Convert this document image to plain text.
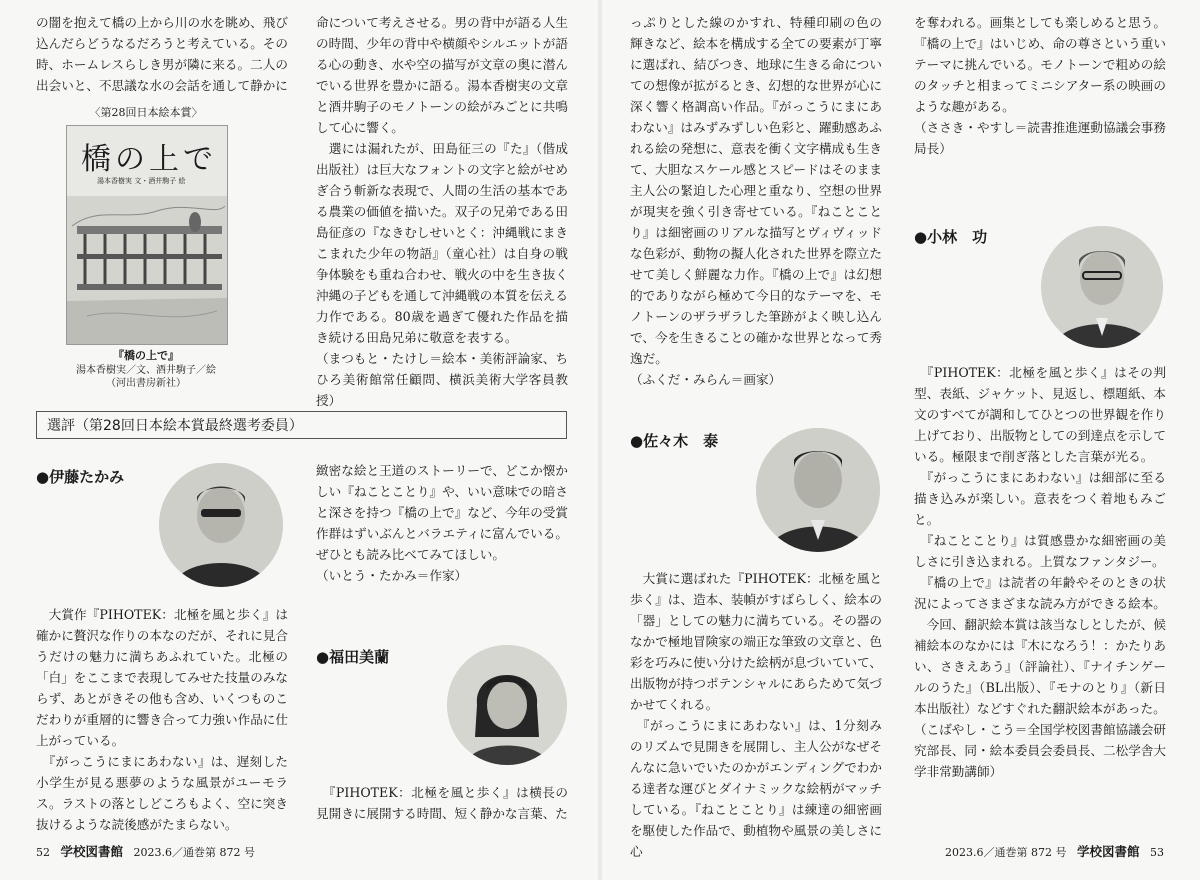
の闇を抱えて橋の上から川の水を眺め、飛び込んだらどうなるだろうと考えている。その時、ホームレスらしき男が隣に来る。二人の出会いと、不思議な水の会話を通して静かに
〈第28回日本絵本賞〉
橋の上で
湯本香樹実 文・酒井駒子 絵
『橋の上で』
湯本香樹実／文、酒井駒子／絵
（河出書房新社）
命について考えさせる。男の背中が語る人生の時間、少年の背中や横顔やシルエットが語る心の動き、水や空の描写が文章の奥に潜んでいる世界を豊かに語る。湯本香樹実の文章と酒井駒子のモノトーンの絵がみごとに共鳴して心に響く。
　選には漏れたが、田島征三の『た』（偕成出版社）は巨大なフォントの文字と絵がせめぎ合う斬新な表現で、人間の生活の基本である農業の価値を描いた。双子の兄弟である田島征彦の『なきむしせいとく：沖縄戦にまきこまれた少年の物語』（童心社）は自身の戦争体験をも重ね合わせ、戦火の中を生き抜く沖縄の子どもを通して沖縄戦の本質を伝える力作である。80歳を過ぎて優れた作品を描き続ける田島兄弟に敬意を表する。
（まつもと・たけし＝絵本・美術評論家、ちひろ美術館常任顧問、横浜美術大学客員教授）
選評（第28回日本絵本賞最終選考委員）
●伊藤たかみ
　大賞作『PIHOTEK：北極を風と歩く』は確かに贅沢な作りの本なのだが、それに見合うだけの魅力に満ちあふれていた。北極の「白」をここまで表現してみせた技量のみならず、あとがきその他も含め、いくつものこだわりが重層的に響き合って力強い作品に仕上がっている。
　『がっこうにまにあわない』は、遅刻した小学生が見る悪夢のような風景がユーモラス。ラストの落としどころもよく、空に突き抜けるような読後感がたまらない。
緻密な絵と王道のストーリーで、どこか懐かしい『ねことことり』や、いい意味での暗さと深さを持つ『橋の上で』など、今年の受賞作群はずいぶんとバラエティに富んでいる。ぜひとも読み比べてみてほしい。
（いとう・たかみ＝作家）
●福田美蘭
　『PIHOTEK：北極を風と歩く』は横長の見開きに展開する時間、短く静かな言葉、た
52 学校図書館 2023.6／通巻第 872 号
っぷりとした線のかすれ、特種印刷の色の輝きなど、絵本を構成する全ての要素が丁寧に選ばれ、結びつき、地球に生きる命についての想像が拡がるとき、幻想的な世界が心に深く響く格調高い作品。『がっこうにまにあわない』はみずみずしい色彩と、躍動感あふれる絵の発想に、意表を衝く文字構成も生きて、大胆なスケール感とスピードはそのまま主人公の緊迫した心理と重なり、空想の世界が現実を強く引き寄せている。『ねことことり』は細密画のリアルな描写とヴィヴィッドな色彩が、動物の擬人化された世界を際立たせて美しく鮮麗な力作。『橋の上で』は幻想的でありながら極めて今日的なテーマを、モノトーンのザラザラした筆跡がよく映し込んで、今を生きることの確かな世界となって秀逸だ。
（ふくだ・みらん＝画家）
を奪われる。画集としても楽しめると思う。『橋の上で』はいじめ、命の尊さという重いテーマに挑んでいる。モノトーンで粗めの絵のタッチと相まってミニシアター系の映画のような趣がある。
（ささき・やすし＝読書推進運動協議会事務局長）
●小林　功
　『PIHOTEK：北極を風と歩く』はその判型、表紙、ジャケット、見返し、標題紙、本文のすべてが調和してひとつの世界観を作り上げており、出版物としての到達点を示している。極限まで削ぎ落とした言葉が光る。
　『がっこうにまにあわない』は細部に至る描き込みが楽しい。意表をつく着地もみごと。
　『ねことことり』は質感豊かな細密画の美しさに引き込まれる。上質なファンタジー。
　『橋の上で』は読者の年齢やそのときの状況によってさまざまな読み方ができる絵本。
　今回、翻訳絵本賞は該当なしとしたが、候補絵本のなかには『木になろう！：かたりあい、さきえあう』（評論社）、『ナイチンゲールのうた』（BL出版）、『モナのとり』（新日本出版社）などすぐれた翻訳絵本があった。
（こばやし・こう＝全国学校図書館協議会研究部長、同・絵本委員会委員長、二松学舎大学非常勤講師）
●佐々木　泰
　大賞に選ばれた『PIHOTEK：北極を風と歩く』は、造本、装幀がすばらしく、絵本の「器」としての魅力に満ちている。その器のなかで極地冒険家の端正な筆致の文章と、色彩を巧みに使い分けた絵柄が息づいていて、出版物が持つポテンシャルにあらためて気づかせてくれる。
　『がっこうにまにあわない』は、1分刻みのリズムで見開きを展開し、主人公がなぜそんなに急いでいたのかがエンディングでわかる達者な運びとダイナミックな絵柄がマッチしている。『ねことことり』は練達の細密画を駆使した作品で、動植物や風景の美しさに心	2023.6／通巻第 872 号 学校図書館 53
